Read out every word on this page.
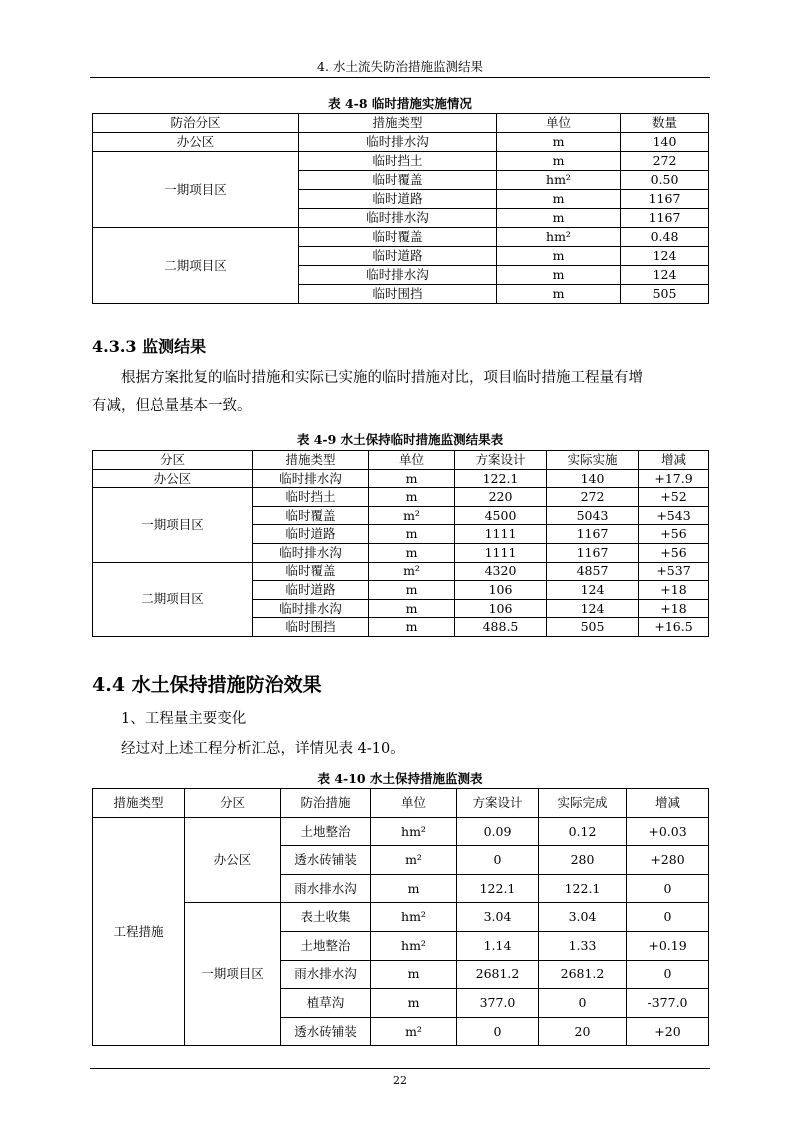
4. 水土流失防治措施监测结果
表 4-8 临时措施实施情况
防治分区	措施类型	单位	数量
办公区	临时排水沟	m	140
一期项目区	临时挡土	m	272
	临时覆盖	hm²	0.50
	临时道路	m	1167
	临时排水沟	m	1167
二期项目区	临时覆盖	hm²	0.48
	临时道路	m	124
	临时排水沟	m	124
	临时围挡	m	505
4.3.3 监测结果
根据方案批复的临时措施和实际已实施的临时措施对比，项目临时措施工程量有增
有减，但总量基本一致。
表 4-9 水土保持临时措施监测结果表
分区	措施类型	单位	方案设计	实际实施	增减
办公区	临时排水沟	m	122.1	140	+17.9
一期项目区	临时挡土	m	220	272	+52
	临时覆盖	m²	4500	5043	+543
	临时道路	m	1111	1167	+56
	临时排水沟	m	1111	1167	+56
二期项目区	临时覆盖	m²	4320	4857	+537
	临时道路	m	106	124	+18
	临时排水沟	m	106	124	+18
	临时围挡	m	488.5	505	+16.5
4.4 水土保持措施防治效果
1、工程量主要变化
经过对上述工程分析汇总，详情见表 4-10。
表 4-10 水土保持措施监测表
措施类型	分区	防治措施	单位	方案设计	实际完成	增减
工程措施	办公区	土地整治	hm²	0.09	0.12	+0.03
		透水砖铺装	m²	0	280	+280
		雨水排水沟	m	122.1	122.1	0
	一期项目区	表土收集	hm²	3.04	3.04	0
		土地整治	hm²	1.14	1.33	+0.19
		雨水排水沟	m	2681.2	2681.2	0
		植草沟	m	377.0	0	-377.0
		透水砖铺装	m²	0	20	+20
22
